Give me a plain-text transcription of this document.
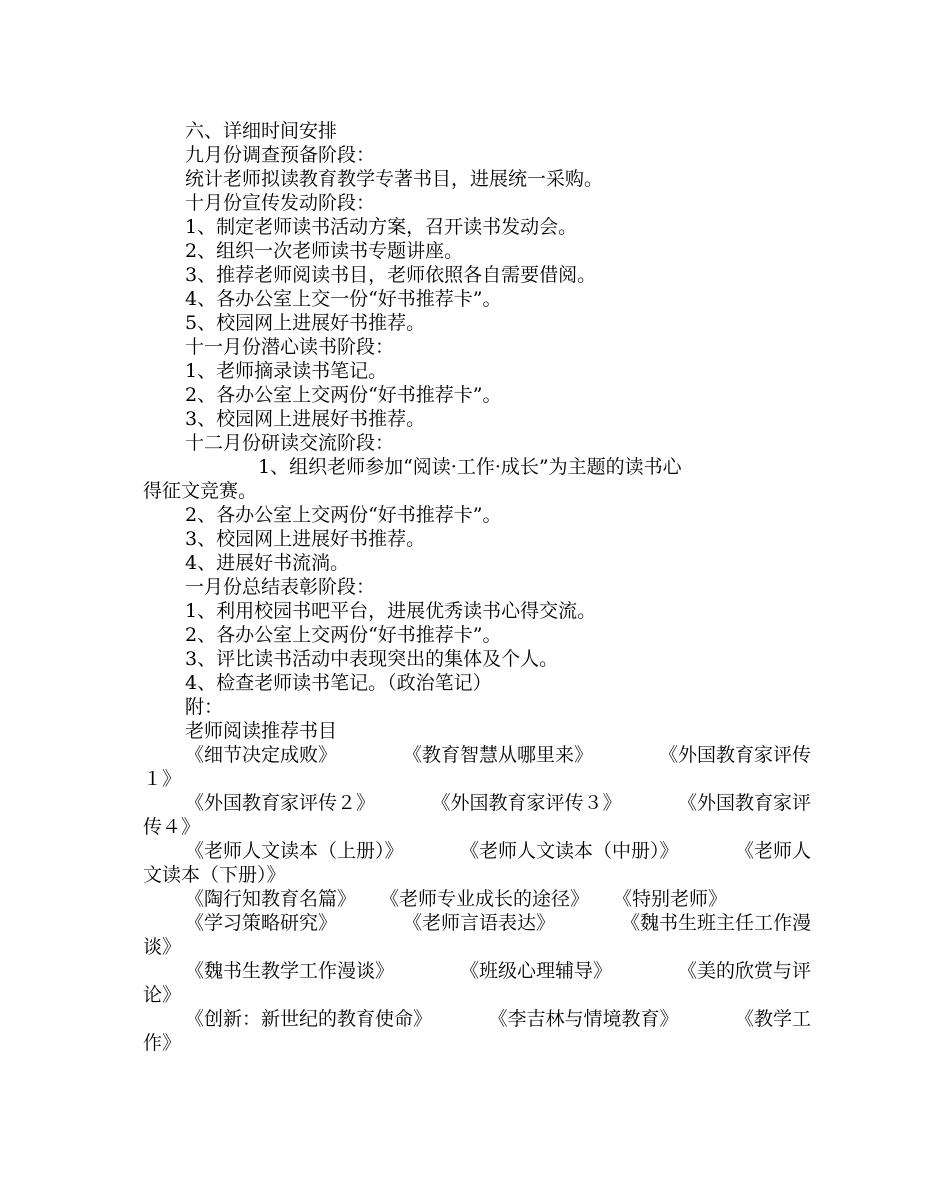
六、详细时间安排
九月份调查预备阶段：
统计老师拟读教育教学专著书目，进展统一采购。
十月份宣传发动阶段：
1、制定老师读书活动方案，召开读书发动会。
2、组织一次老师读书专题讲座。
3、推荐老师阅读书目，老师依照各自需要借阅。
4、各办公室上交一份“好书推荐卡”。
5、校园网上进展好书推荐。
十一月份潜心读书阶段：
1、老师摘录读书笔记。
2、各办公室上交两份“好书推荐卡”。
3、校园网上进展好书推荐。
十二月份研读交流阶段：
1、组织老师参加“阅读·工作·成长”为主题的读书心
得征文竞赛。
2、各办公室上交两份“好书推荐卡”。
3、校园网上进展好书推荐。
4、进展好书流淌。
一月份总结表彰阶段：
1、利用校园书吧平台，进展优秀读书心得交流。
2、各办公室上交两份“好书推荐卡”。
3、评比读书活动中表现突出的集体及个人。
4、检查老师读书笔记。（政治笔记）
附：
老师阅读推荐书目
《细节决定成败》	《教育智慧从哪里来》	《外国教育家评传
１》
《外国教育家评传２》	《外国教育家评传３》	《外国教育家评
传４》
《老师人文读本（上册）》	《老师人文读本（中册）》	《老师人
文读本（下册）》
《陶行知教育名篇》 《老师专业成长的途径》 《特别老师》
《学习策略研究》	《老师言语表达》	《魏书生班主任工作漫
谈》
《魏书生教学工作漫谈》	《班级心理辅导》	《美的欣赏与评
论》
《创新：新世纪的教育使命》	《李吉林与情境教育》	《教学工
作》
